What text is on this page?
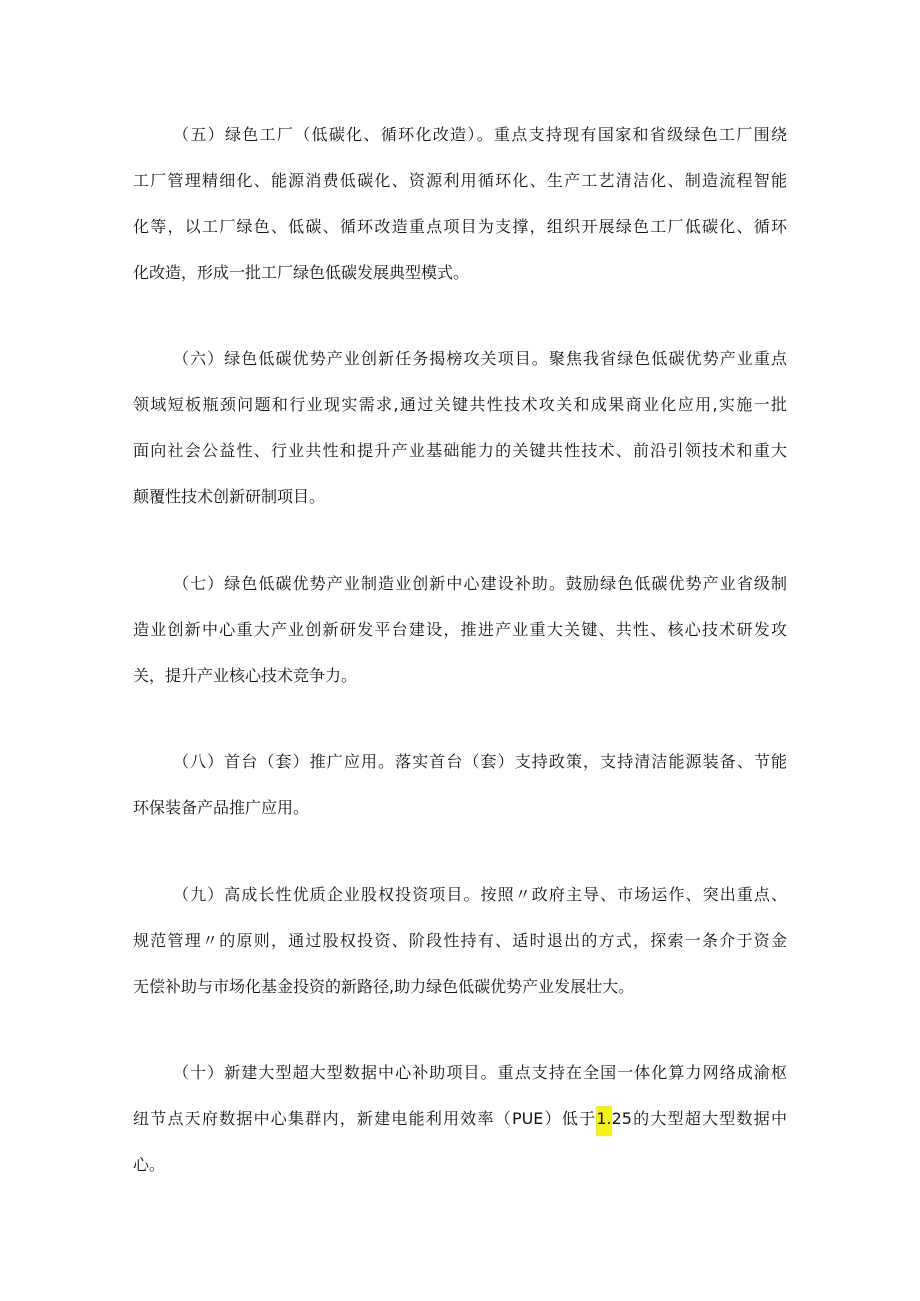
（五）绿色工厂（低碳化、循环化改造）。重点支持现有国家和省级绿色工厂围绕
工厂管理精细化、能源消费低碳化、资源利用循环化、生产工艺清洁化、制造流程智能
化等，以工厂绿色、低碳、循环改造重点项目为支撑，组织开展绿色工厂低碳化、循环
化改造，形成一批工厂绿色低碳发展典型模式。
（六）绿色低碳优势产业创新任务揭榜攻关项目。聚焦我省绿色低碳优势产业重点
领域短板瓶颈问题和行业现实需求,通过关键共性技术攻关和成果商业化应用,实施一批
面向社会公益性、行业共性和提升产业基础能力的关键共性技术、前沿引领技术和重大
颠覆性技术创新研制项目。
（七）绿色低碳优势产业制造业创新中心建设补助。鼓励绿色低碳优势产业省级制
造业创新中心重大产业创新研发平台建设，推进产业重大关键、共性、核心技术研发攻
关，提升产业核心技术竞争力。
（八）首台（套）推广应用。落实首台（套）支持政策，支持清洁能源装备、节能
环保装备产品推广应用。
（九）高成长性优质企业股权投资项目。按照〃政府主导、市场运作、突出重点、
规范管理〃的原则，通过股权投资、阶段性持有、适时退出的方式，探索一条介于资金
无偿补助与市场化基金投资的新路径,助力绿色低碳优势产业发展壮大。
（十）新建大型超大型数据中心补助项目。重点支持在全国一体化算力网络成渝枢
纽节点天府数据中心集群内，新建电能利用效率（PUE）低于1.25的大型超大型数据中
心。
